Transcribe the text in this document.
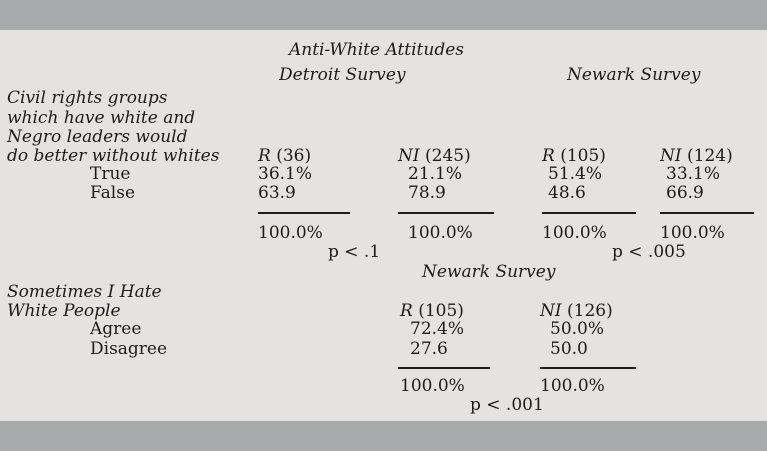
Anti-White Attitudes
Detroit Survey	Newark Survey
Civil rights groups
which have white and
Negro leaders would
do better without whites R (36)	NI (245)	R (105)	NI (124)
True	36.1%	21.1%	51.4%	33.1%
False	63.9	78.9	48.6	66.9
100.0%	100.0%	100.0%	100.0%
p < .1	p < .005
Newark Survey
Sometimes I Hate
White People	R (105)	NI (126)
Agree	72.4%	50.0%
Disagree	27.6	50.0
100.0%	100.0%
p < .001
